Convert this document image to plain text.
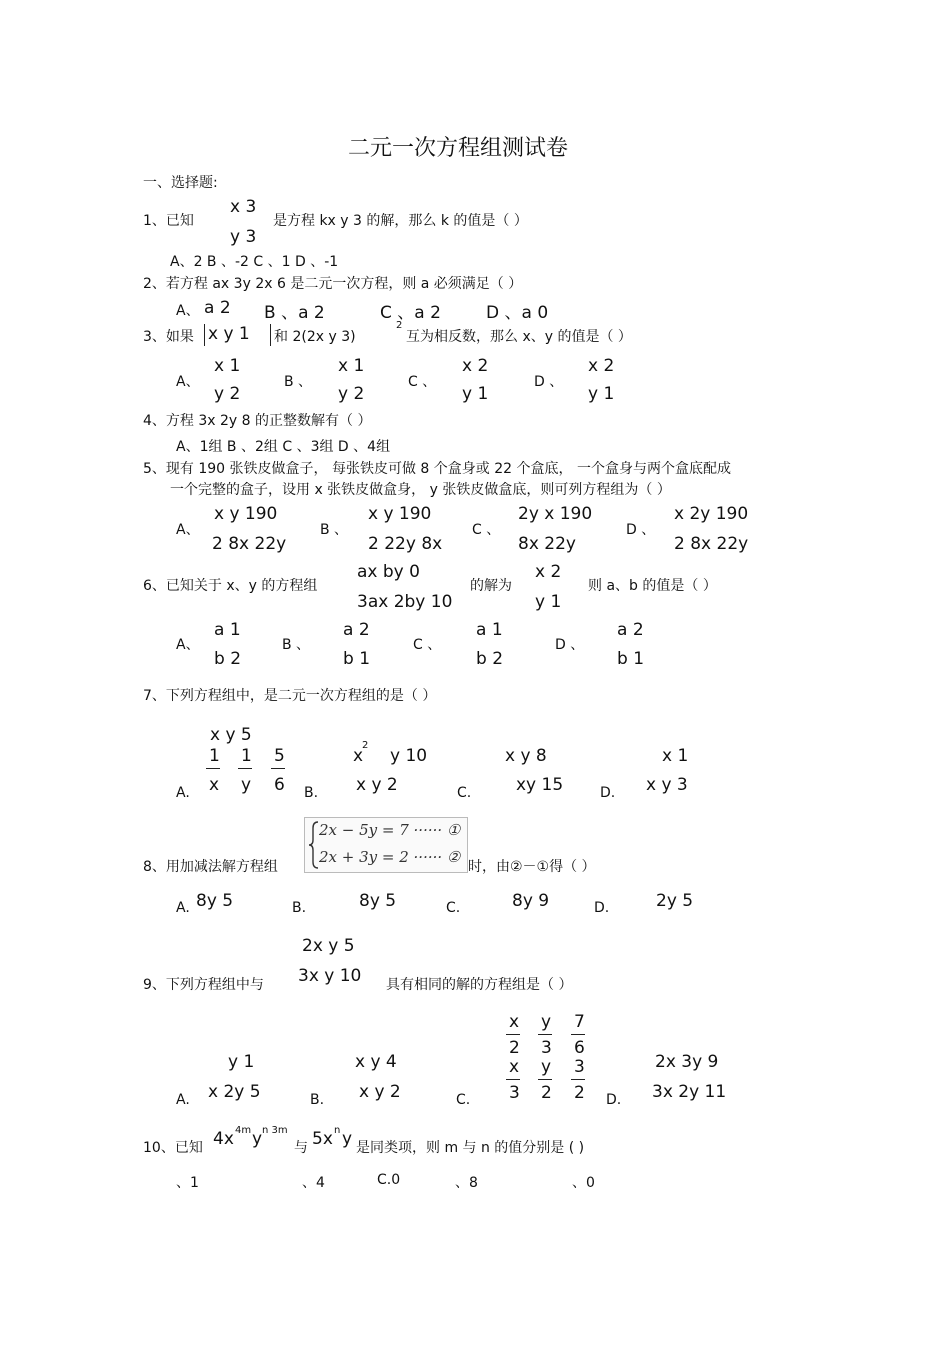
二元一次方程组测试卷
一、选择题:
1、已知
x 3
y 3
是方程 kx y 3 的解，那么 k 的值是（ ）
A、2 B 、-2 C 、1 D 、-1
2、若方程 ax 3y 2x 6 是二元一次方程，则 a 必须满足（ ）
A、 a 2 B 、a 2	C 、a 2	D 、a 0
3、如果 x y 1 和 2(2x y 3)
2
互为相反数，那么 x、y 的值是（ ）
A、
x 1
y 2
B 、
x 1
y 2
C 、
x 2
y 1
D 、
x 2
y 1
4、方程 3x 2y 8 的正整数解有（ ）
A、1组 B 、2组 C 、3组 D 、4组
5、现有 190 张铁皮做盒子， 每张铁皮可做 8 个盒身或 22 个盒底， 一个盒身与两个盒底配成
一个完整的盒子，设用 x 张铁皮做盒身， y 张铁皮做盒底，则可列方程组为（ ）
A、
x y 190
2 8x 22y
B 、
x y 190
2 22y 8x
C 、
2y x 190
8x 22y
D 、
x 2y 190
2 8x 22y
6、已知关于 x、y 的方程组
ax by 0
3ax 2by 10
的解为
x 2
y 1
则 a、b 的值是（ ）
A、
a 1
b 2
B 、
a 2
b 1
C 、
a 1
b 2
D 、
a 2
b 1
7、下列方程组中，是二元一次方程组的是（ ）
x y 5
1
x
1
y
5
6
A.
x
2
y 10
x y 2
B.
x y 8
xy 15
C.
x 1
x y 3
D.
8、用加减法解方程组
2x − 5y = 7 ······ ①
2x + 3y = 2 ······ ②
时，由②－①得（ ）
A. 8y 5	B.	8y 5	C.	8y 9	D.	2y 5
2x y 5
3x y 10
9、下列方程组中与	具有相同的解的方程组是（ ）
A.
y 1
x 2y 5	B.
x y 4
x y 2	C.
x
2
y
3
7
6
x
3
y
2
3
2 D.
2x 3y 9
3x 2y 11
10、已知 4x 4m y n 3m
与 5x n y 是同类项，则 m 与 n 的值分别是 ( )
、1	、4	C.0	、8	、0
